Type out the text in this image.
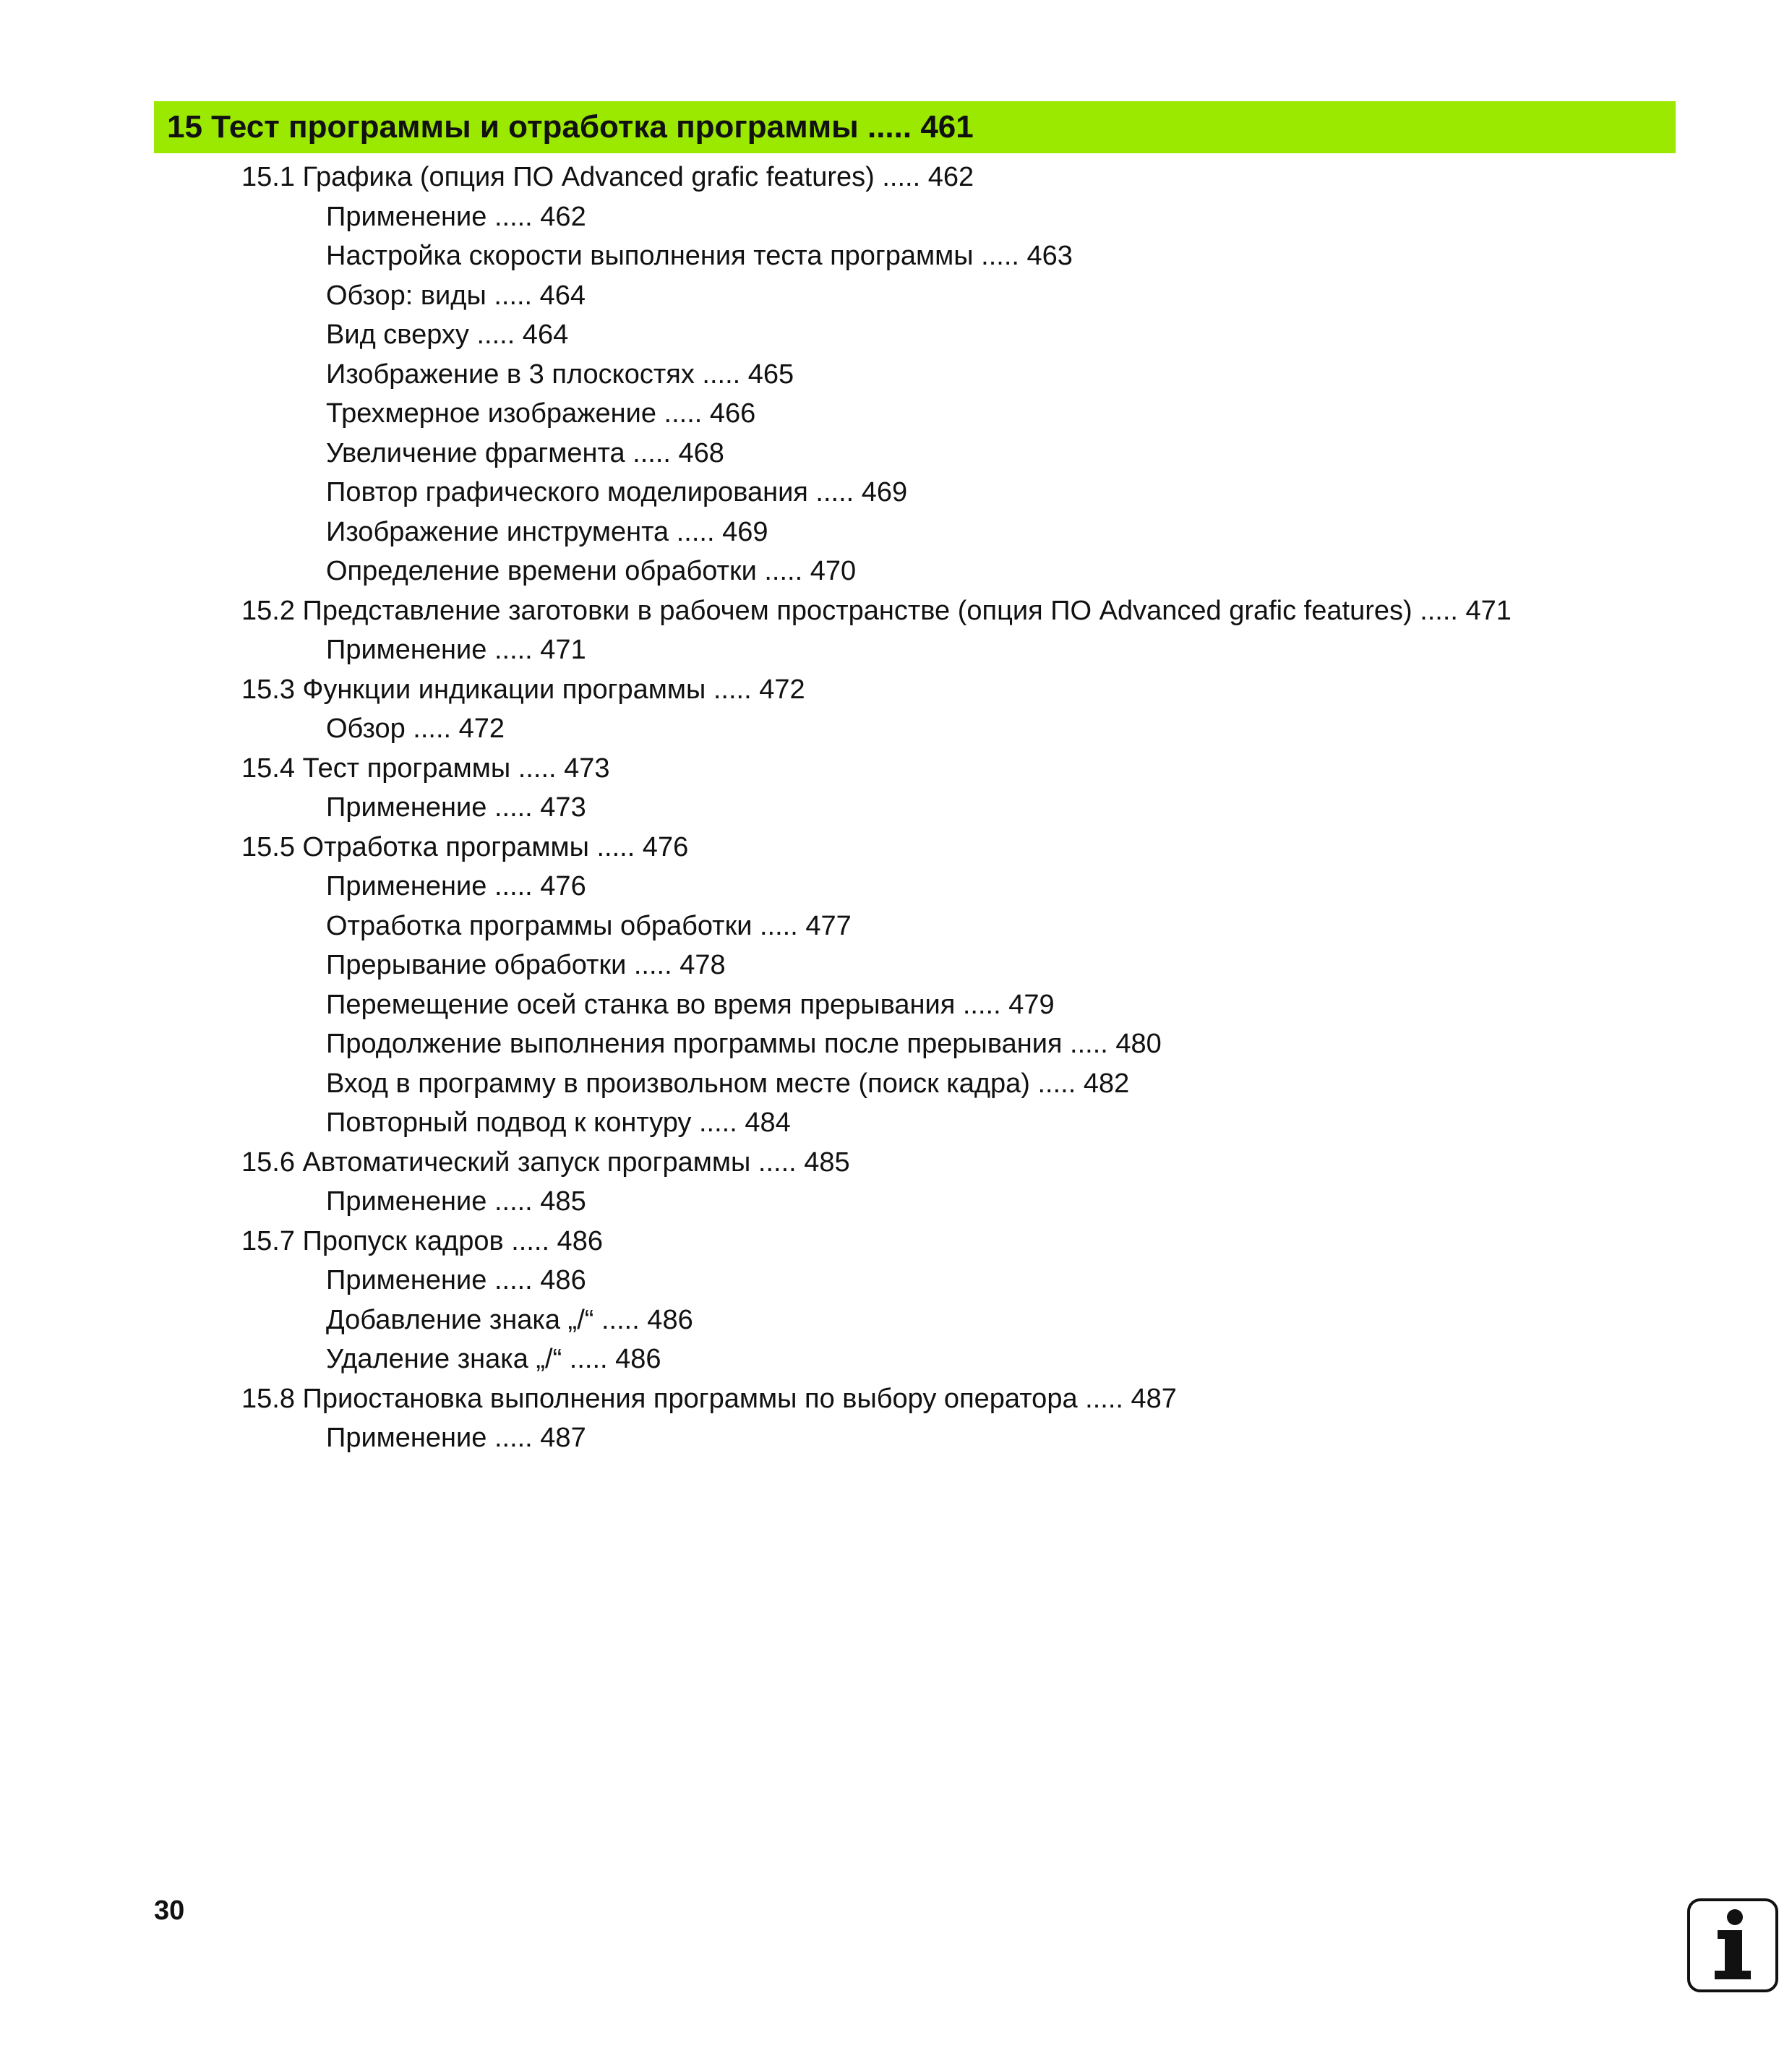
15 Тест программы и отработка программы ..... 461
15.1 Графика (опция ПО Advanced grafic features) ..... 462
Применение ..... 462
Настройка скорости выполнения теста программы ..... 463
Обзор: виды ..... 464
Вид сверху ..... 464
Изображение в 3 плоскостях ..... 465
Трехмерное изображение ..... 466
Увеличение фрагмента ..... 468
Повтор графического моделирования ..... 469
Изображение инструмента ..... 469
Определение времени обработки ..... 470
15.2 Представление заготовки в рабочем пространстве (опция ПО Advanced grafic features) ..... 471
Применение ..... 471
15.3 Функции индикации программы ..... 472
Обзор ..... 472
15.4 Тест программы ..... 473
Применение ..... 473
15.5 Отработка программы ..... 476
Применение ..... 476
Отработка программы обработки ..... 477
Прерывание обработки ..... 478
Перемещение осей станка во время прерывания ..... 479
Продолжение выполнения программы после прерывания ..... 480
Вход в программу в произвольном месте (поиск кадра) ..... 482
Повторный подвод к контуру ..... 484
15.6 Автоматический запуск программы ..... 485
Применение ..... 485
15.7 Пропуск кадров ..... 486
Применение ..... 486
Добавление знака „/“ ..... 486
Удаление знака „/“ ..... 486
15.8 Приостановка выполнения программы по выбору оператора ..... 487
Применение ..... 487
30
